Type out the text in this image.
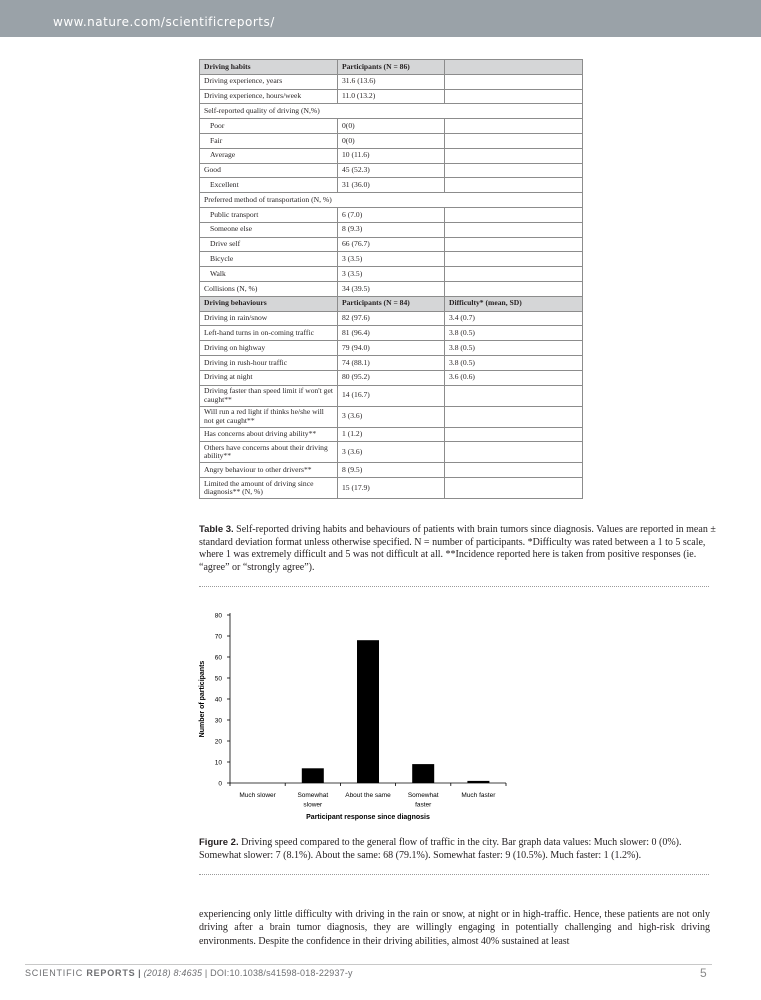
www.nature.com/scientificreports/
Driving habits	Participants (N = 86)	
Driving experience, years	31.6 (13.6)	
Driving experience, hours/week	11.0 (13.2)	
Self-reported quality of driving (N,%)		
Poor	0(0)	
Fair	0(0)	
Average	10 (11.6)	
Good	45 (52.3)	
Excellent	31 (36.0)	
Preferred method of transportation (N, %)		
Public transport	6 (7.0)	
Someone else	8 (9.3)	
Drive self	66 (76.7)	
Bicycle	3 (3.5)	
Walk	3 (3.5)	
Collisions (N, %)	34 (39.5)	
Driving behaviours	Participants (N = 84)	Difficulty* (mean, SD)
Driving in rain/snow	82 (97.6)	3.4 (0.7)
Left-hand turns in on-coming traffic	81 (96.4)	3.8 (0.5)
Driving on highway	79 (94.0)	3.8 (0.5)
Driving in rush-hour traffic	74 (88.1)	3.8 (0.5)
Driving at night	80 (95.2)	3.6 (0.6)
Driving faster than speed limit if won't get caught**	14 (16.7)	
Will run a red light if thinks he/she will not get caught**	3 (3.6)	
Has concerns about driving ability**	1 (1.2)	
Others have concerns about their driving ability**	3 (3.6)	
Angry behaviour to other drivers**	8 (9.5)	
Limited the amount of driving since diagnosis** (N, %)	15 (17.9)	
Table 3. Self-reported driving habits and behaviours of patients with brain tumors since diagnosis. Values are reported in mean ± standard deviation format unless otherwise specified. N = number of participants. *Difficulty was rated between a 1 to 5 scale, where 1 was extremely difficult and 5 was not difficult at all. **Incidence reported here is taken from positive responses (ie. “agree” or “strongly agree”).
0
10
20
30
40
50
60
70
80
Much slower	Somewhat
slower
About the same	Somewhat
faster
Much faster
Number of participants
Participant response since diagnosis
Figure 2. Driving speed compared to the general flow of traffic in the city. Bar graph data values: Much slower: 0 (0%). Somewhat slower: 7 (8.1%). About the same: 68 (79.1%). Somewhat faster: 9 (10.5%). Much faster: 1 (1.2%).
experiencing only little difficulty with driving in the rain or snow, at night or in high-traffic. Hence, these patients are not only driving after a brain tumor diagnosis, they are willingly engaging in potentially challenging and high-risk driving environments. Despite the confidence in their driving abilities, almost 40% sustained at least
SCIENTIFIC REPORTS | (2018) 8:4635 | DOI:10.1038/s41598-018-22937-y	5
